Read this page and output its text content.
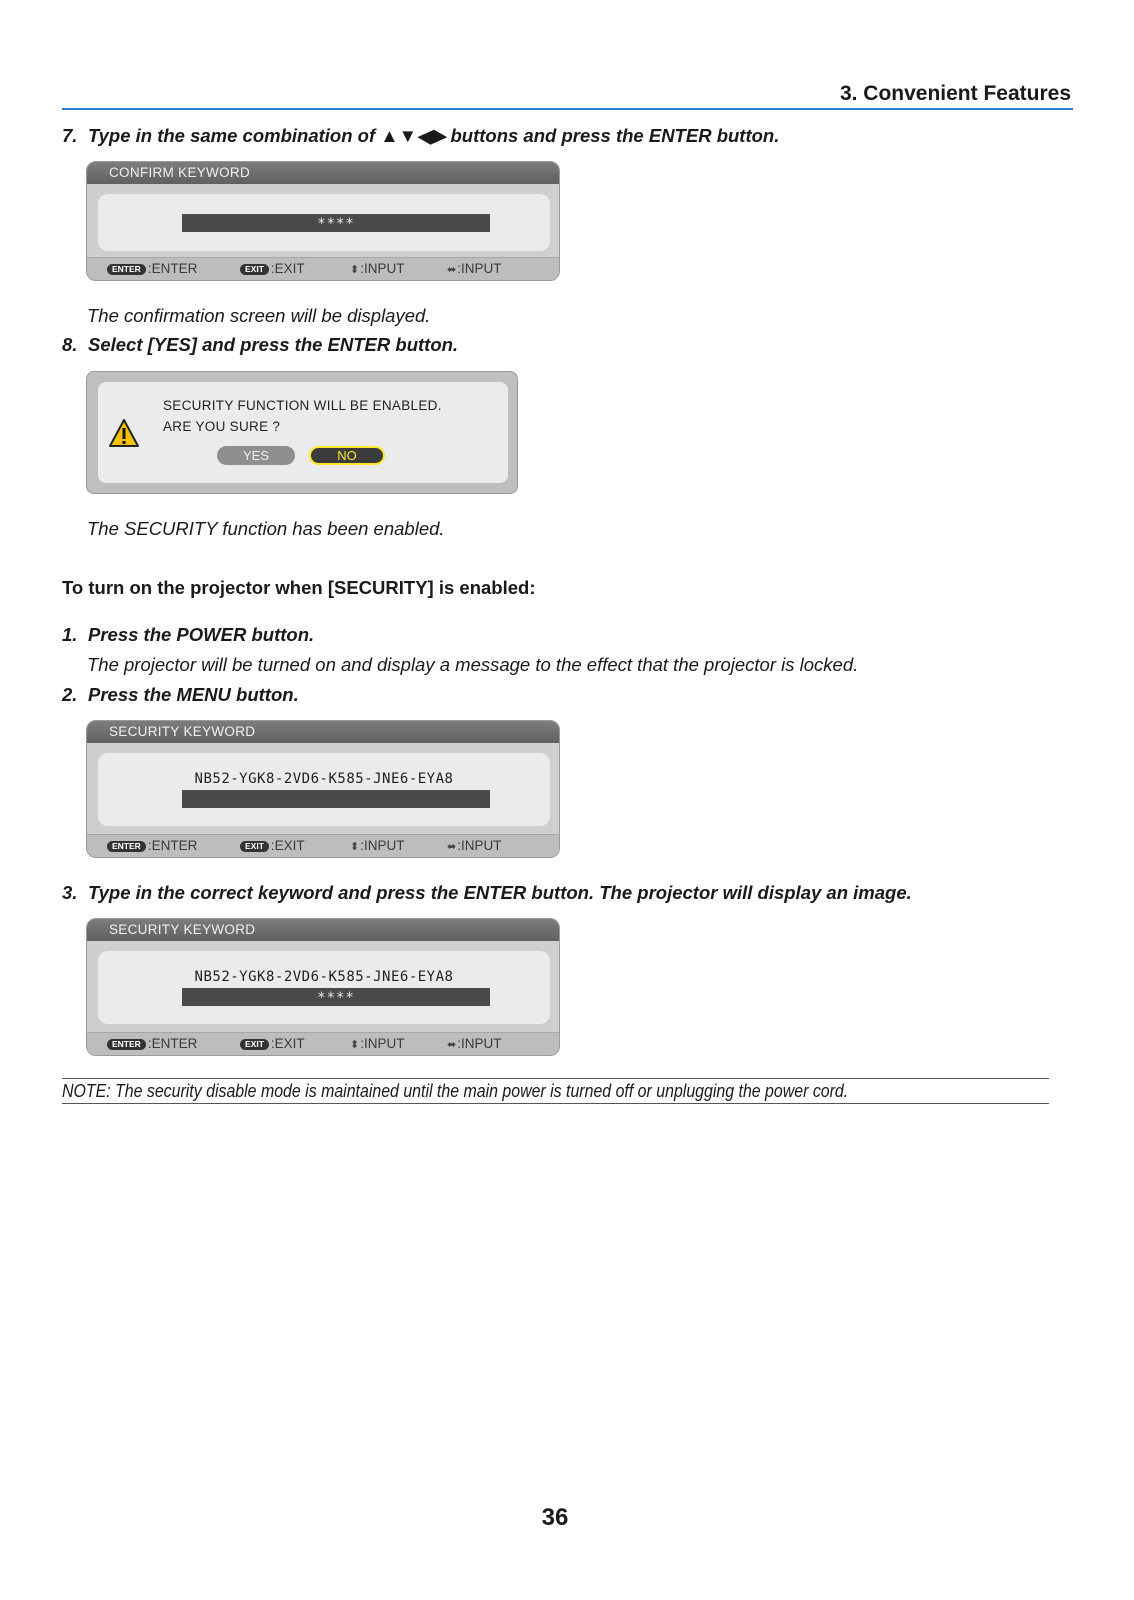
3. Convenient Features
7. Type in the same combination of ▲▼◀▶ buttons and press the ENTER button.
CONFIRM KEYWORD
****
ENTER :ENTER	EXIT :EXIT	⬍:INPUT	⬌:INPUT
The confirmation screen will be displayed.
8. Select [YES] and press the ENTER button.
SECURITY FUNCTION WILL BE ENABLED.
ARE YOU SURE ?
YES	NO
The SECURITY function has been enabled.
To turn on the projector when [SECURITY] is enabled:
1. Press the POWER button.
The projector will be turned on and display a message to the effect that the projector is locked.
2. Press the MENU button.
SECURITY KEYWORD
NB52-YGK8-2VD6-K585-JNE6-EYA8
ENTER :ENTER	EXIT :EXIT	⬍:INPUT	⬌:INPUT
3. Type in the correct keyword and press the ENTER button. The projector will display an image.
SECURITY KEYWORD
NB52-YGK8-2VD6-K585-JNE6-EYA8
****
ENTER :ENTER	EXIT :EXIT	⬍:INPUT	⬌:INPUT
NOTE: The security disable mode is maintained until the main power is turned off or unplugging the power cord.
36
